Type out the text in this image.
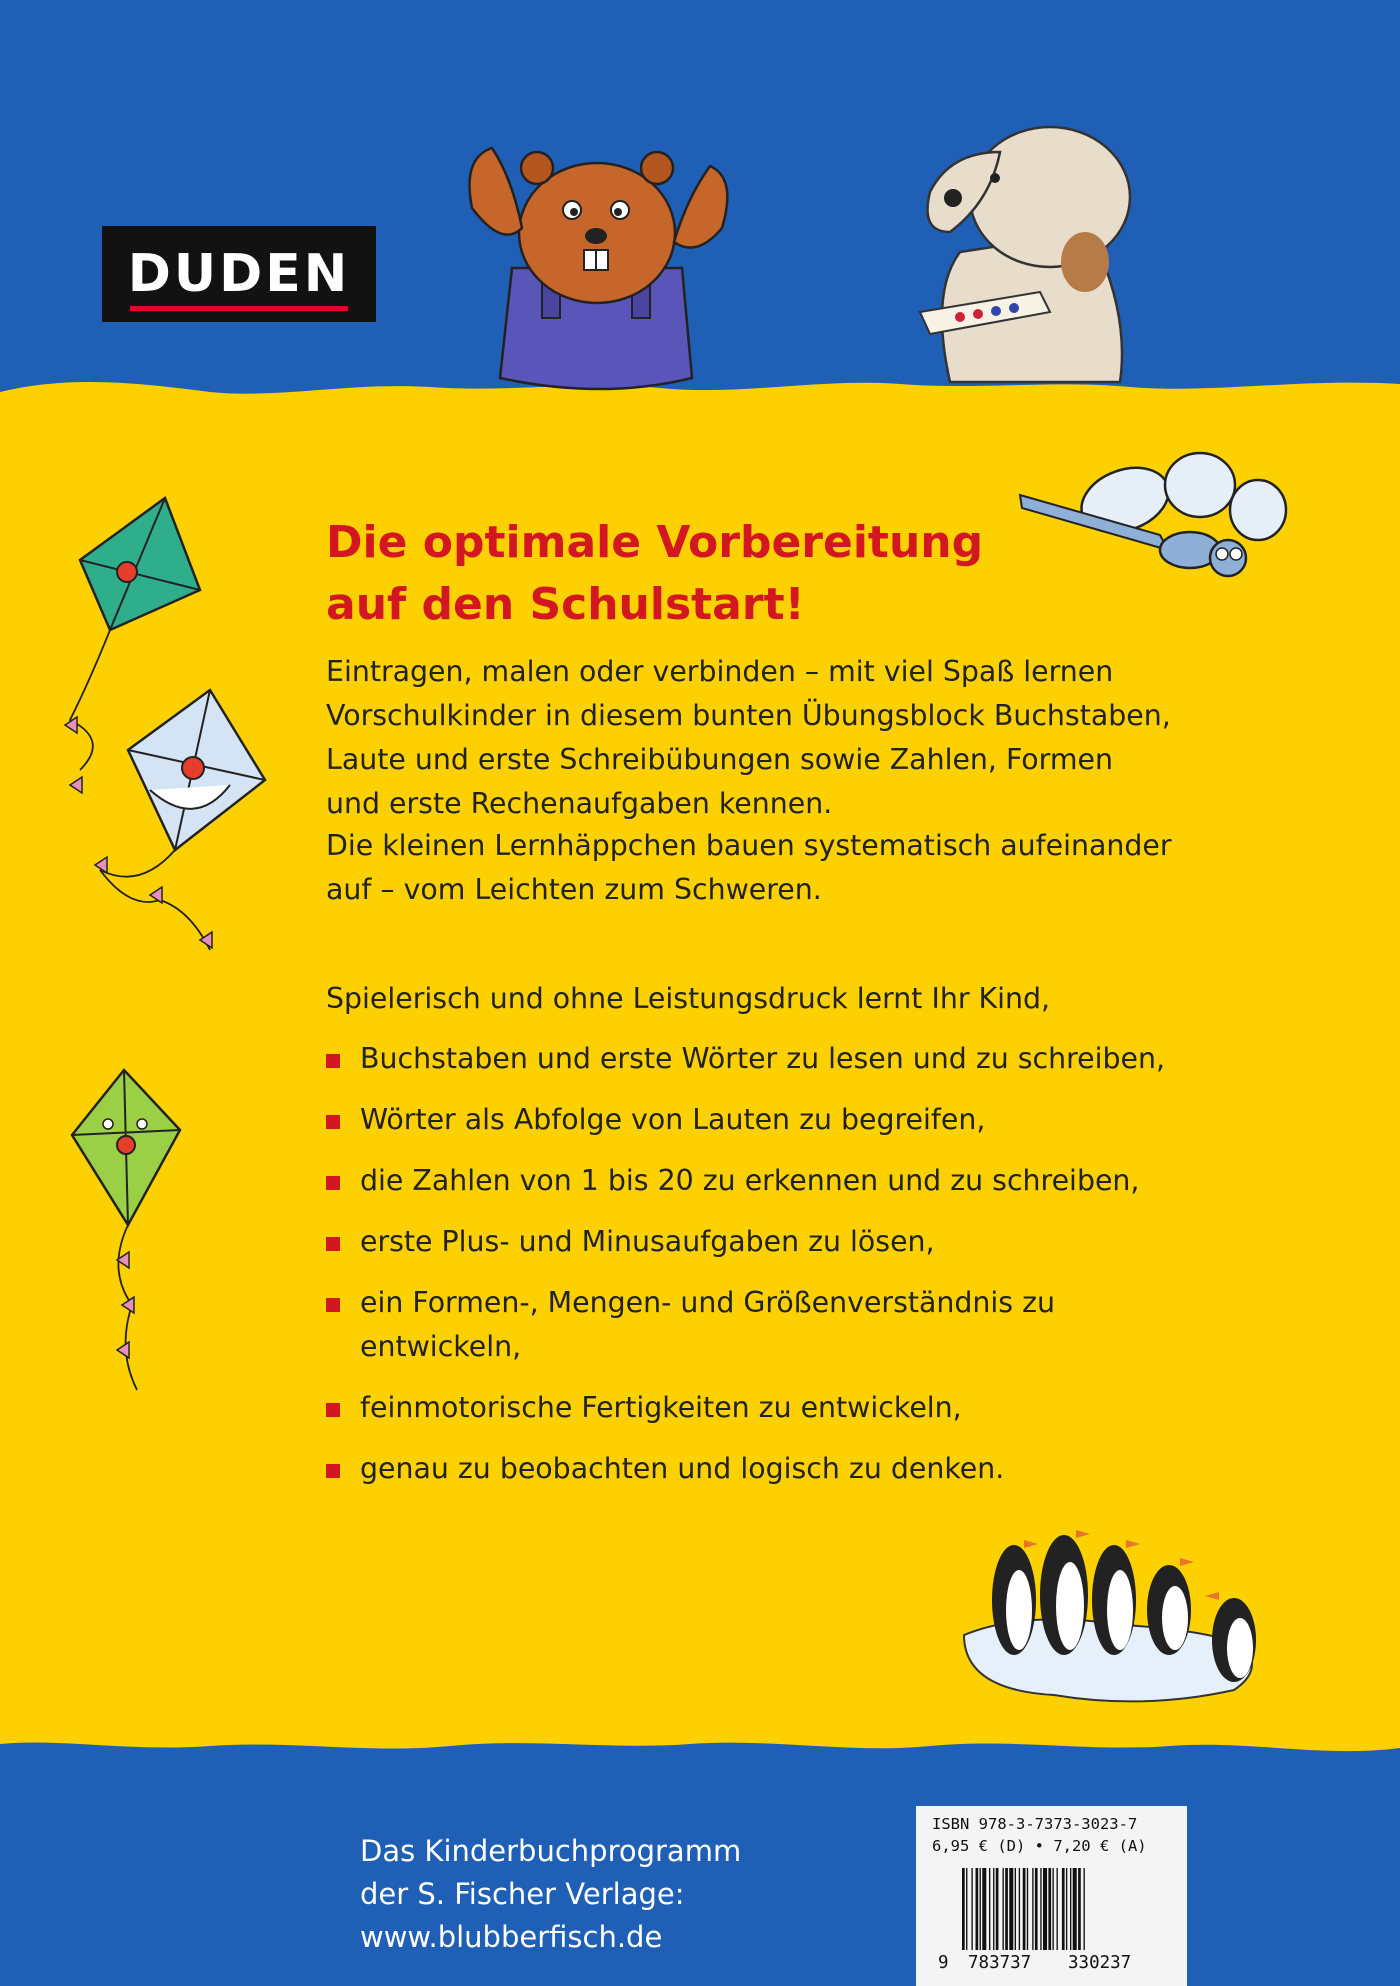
DUDEN
Die optimale Vorbereitung
auf den Schulstart!

Eintragen, malen oder verbinden – mit viel Spaß lernen
Vorschulkinder in diesem bunten Übungsblock Buchstaben,
Laute und erste Schreibübungen sowie Zahlen, Formen
und erste Rechenaufgaben kennen.

Die kleinen Lernhäppchen bauen systematisch aufeinander
auf – vom Leichten zum Schweren.

Spielerisch und ohne Leistungsdruck lernt Ihr Kind,

Buchstaben und erste Wörter zu lesen und zu schreiben,
Wörter als Abfolge von Lauten zu begreifen,
die Zahlen von 1 bis 20 zu erkennen und zu schreiben,
erste Plus- und Minusaufgaben zu lösen,
ein Formen-, Mengen- und Größenverständnis zu
entwickeln,
feinmotorische Fertigkeiten zu entwickeln,
genau zu beobachten und logisch zu denken.
Das Kinderbuchprogramm
der S. Fischer Verlage:
www.blubberfisch.de
ISBN 978-3-7373-3023-7
6,95 € (D) • 7,20 € (A)
9 783737 330237
